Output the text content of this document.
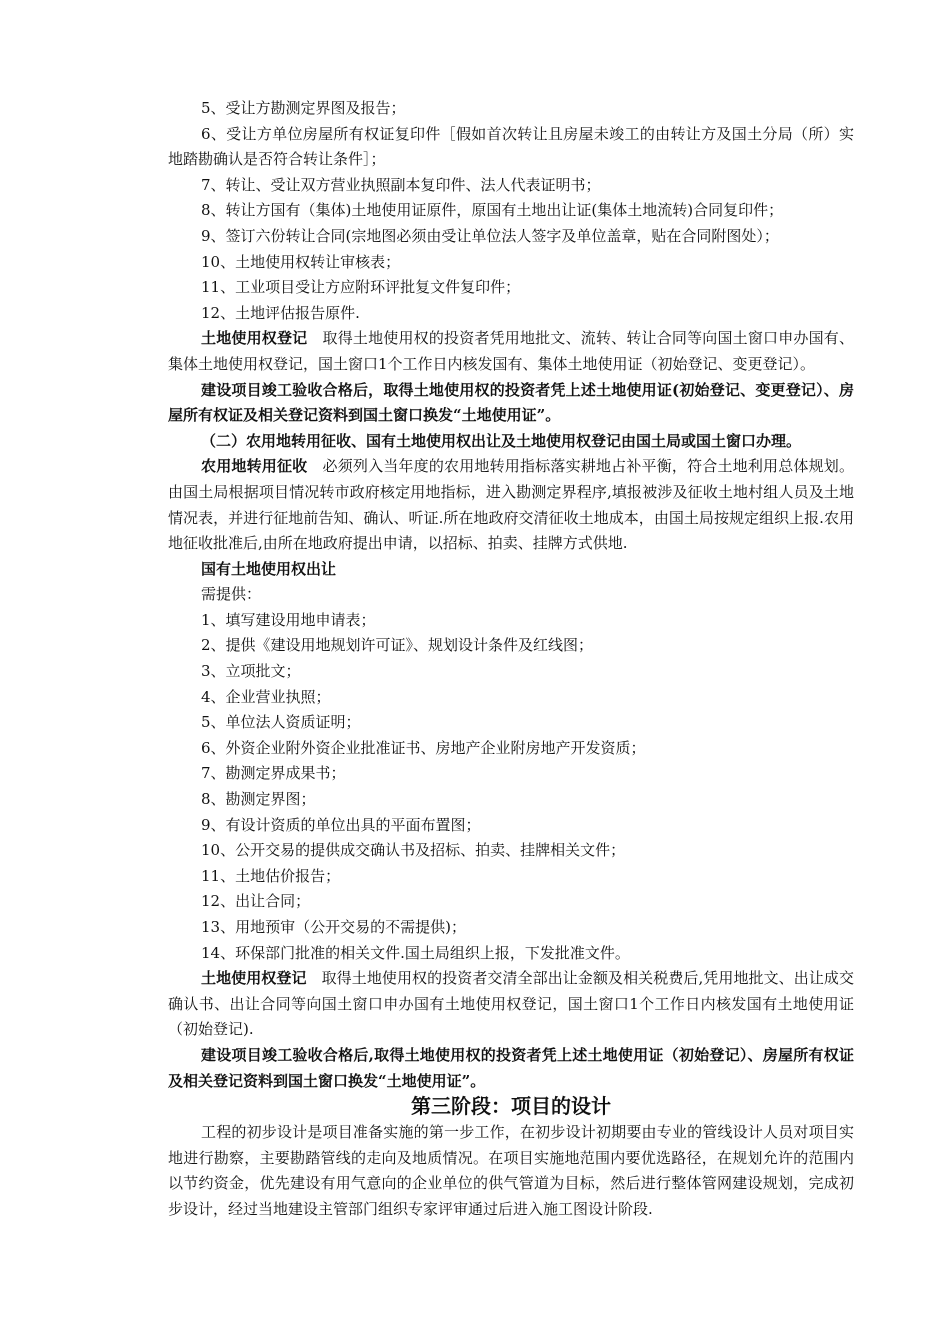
5、受让方勘测定界图及报告；

6、受让方单位房屋所有权证复印件［假如首次转让且房屋未竣工的由转让方及国土分局（所）实地踏勘确认是否符合转让条件］；

7、转让、受让双方营业执照副本复印件、法人代表证明书；

8、转让方国有（集体)土地使用证原件，原国有土地出让证(集体土地流转)合同复印件；

9、签订六份转让合同(宗地图必须由受让单位法人签字及单位盖章，贴在合同附图处）；

10、土地使用权转让审核表；

11、工业项目受让方应附环评批复文件复印件；

12、土地评估报告原件.

土地使用权登记　 取得土地使用权的投资者凭用地批文、流转、转让合同等向国土窗口申办国有、集体土地使用权登记，国土窗口1个工作日内核发国有、集体土地使用证（初始登记、变更登记）。

建设项目竣工验收合格后，取得土地使用权的投资者凭上述土地使用证(初始登记、变更登记）、房屋所有权证及相关登记资料到国土窗口换发“土地使用证”。

（二）农用地转用征收、国有土地使用权出让及土地使用权登记由国土局或国土窗口办理。

农用地转用征收　 必须列入当年度的农用地转用指标落实耕地占补平衡，符合土地利用总体规划。由国土局根据项目情况转市政府核定用地指标，进入勘测定界程序,填报被涉及征收土地村组人员及土地情况表，并进行征地前告知、确认、听证.所在地政府交清征收土地成本，由国土局按规定组织上报.农用地征收批准后,由所在地政府提出申请，以招标、拍卖、挂牌方式供地.

国有土地使用权出让

需提供：

1、填写建设用地申请表；

2、提供《建设用地规划许可证》、规划设计条件及红线图；

3、立项批文；

4、企业营业执照；

5、单位法人资质证明；

6、外资企业附外资企业批准证书、房地产企业附房地产开发资质；

7、勘测定界成果书；

8、勘测定界图；

9、有设计资质的单位出具的平面布置图；

10、公开交易的提供成交确认书及招标、拍卖、挂牌相关文件；

11、土地估价报告；

12、出让合同；

13、用地预审（公开交易的不需提供)；

14、环保部门批准的相关文件.国土局组织上报，下发批准文件。

土地使用权登记　 取得土地使用权的投资者交清全部出让金额及相关税费后,凭用地批文、出让成交确认书、出让合同等向国土窗口申办国有土地使用权登记，国土窗口1个工作日内核发国有土地使用证（初始登记).

建设项目竣工验收合格后,取得土地使用权的投资者凭上述土地使用证（初始登记）、房屋所有权证及相关登记资料到国土窗口换发“土地使用证”。

第三阶段：项目的设计

工程的初步设计是项目准备实施的第一步工作，在初步设计初期要由专业的管线设计人员对项目实地进行勘察，主要勘踏管线的走向及地质情况。在项目实施地范围内要优选路径，在规划允许的范围内以节约资金，优先建设有用气意向的企业单位的供气管道为目标，然后进行整体管网建设规划，完成初步设计，经过当地建设主管部门组织专家评审通过后进入施工图设计阶段.
